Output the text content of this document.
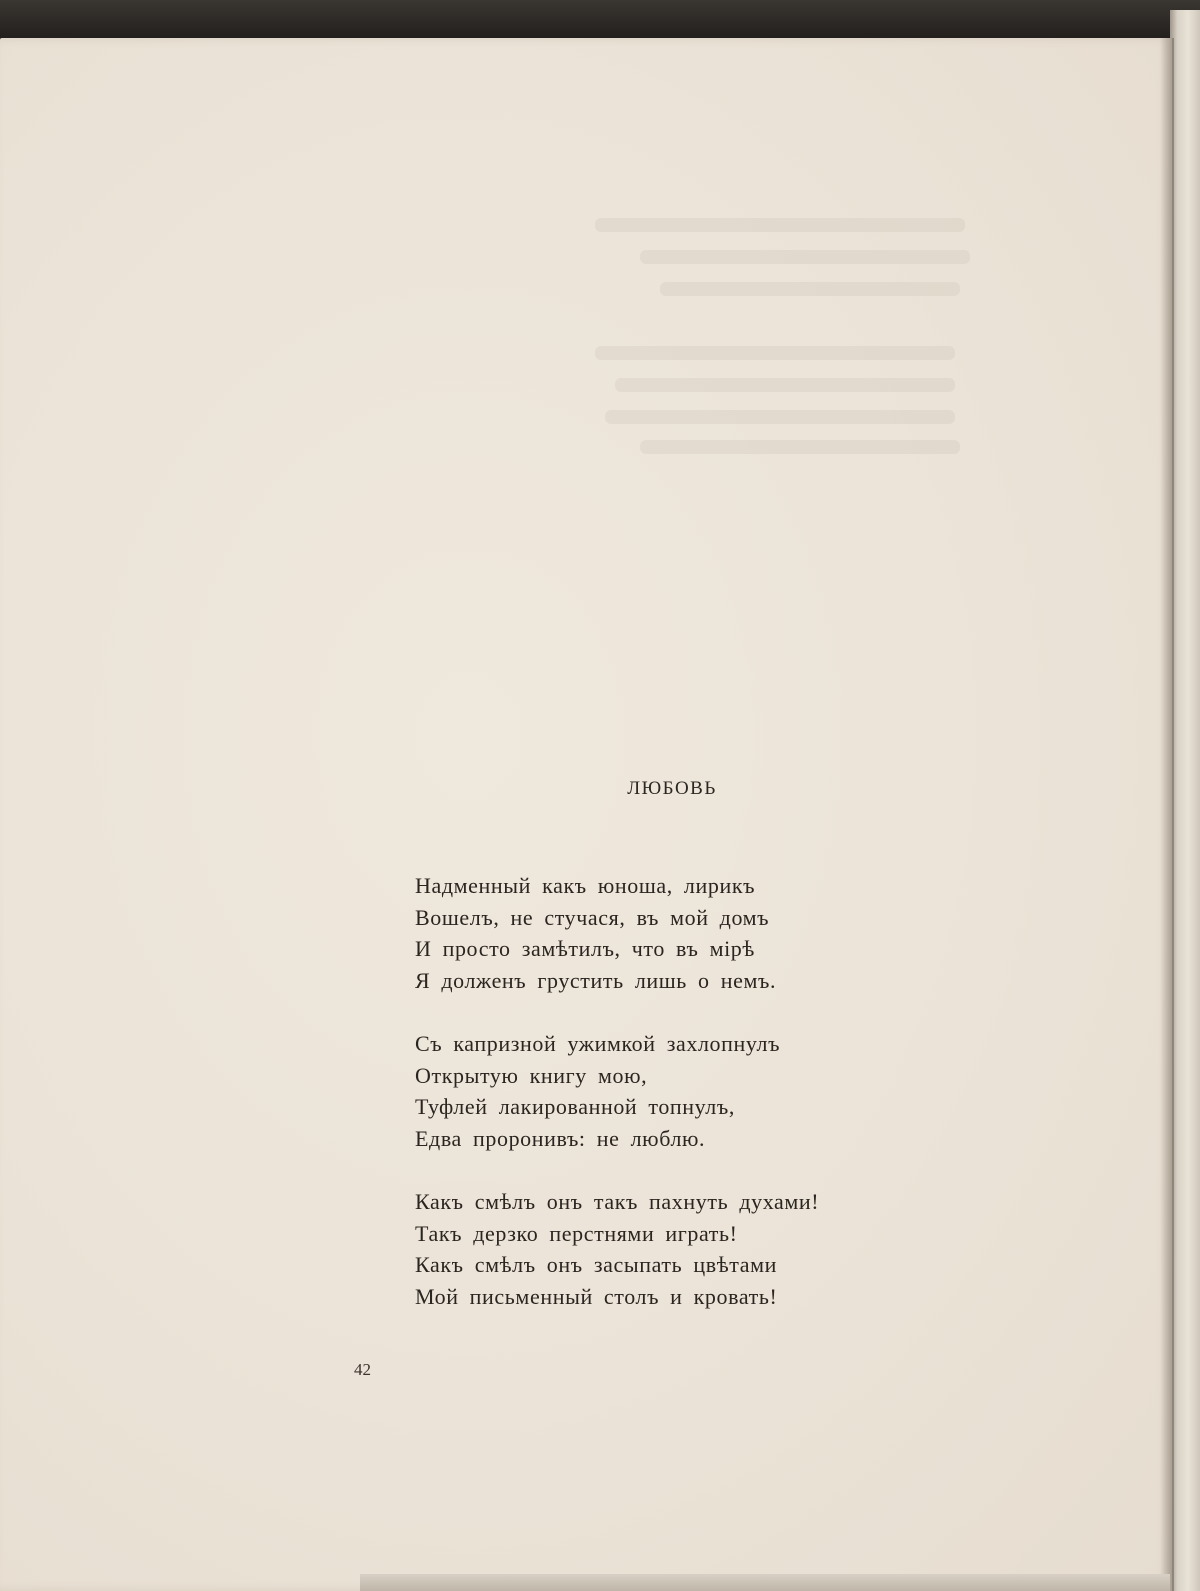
ЛЮБОВЬ
Надменный какъ юноша, лирикъ
Вошелъ, не стучася, въ мой домъ
И просто замѣтилъ, что въ мірѣ
Я долженъ грустить лишь о немъ.
Съ капризной ужимкой захлопнулъ
Открытую книгу мою,
Туфлей лакированной топнулъ,
Едва проронивъ: не люблю.
Какъ смѣлъ онъ такъ пахнуть духами!
Такъ дерзко перстнями играть!
Какъ смѣлъ онъ засыпать цвѣтами
Мой письменный столъ и кровать!
42
